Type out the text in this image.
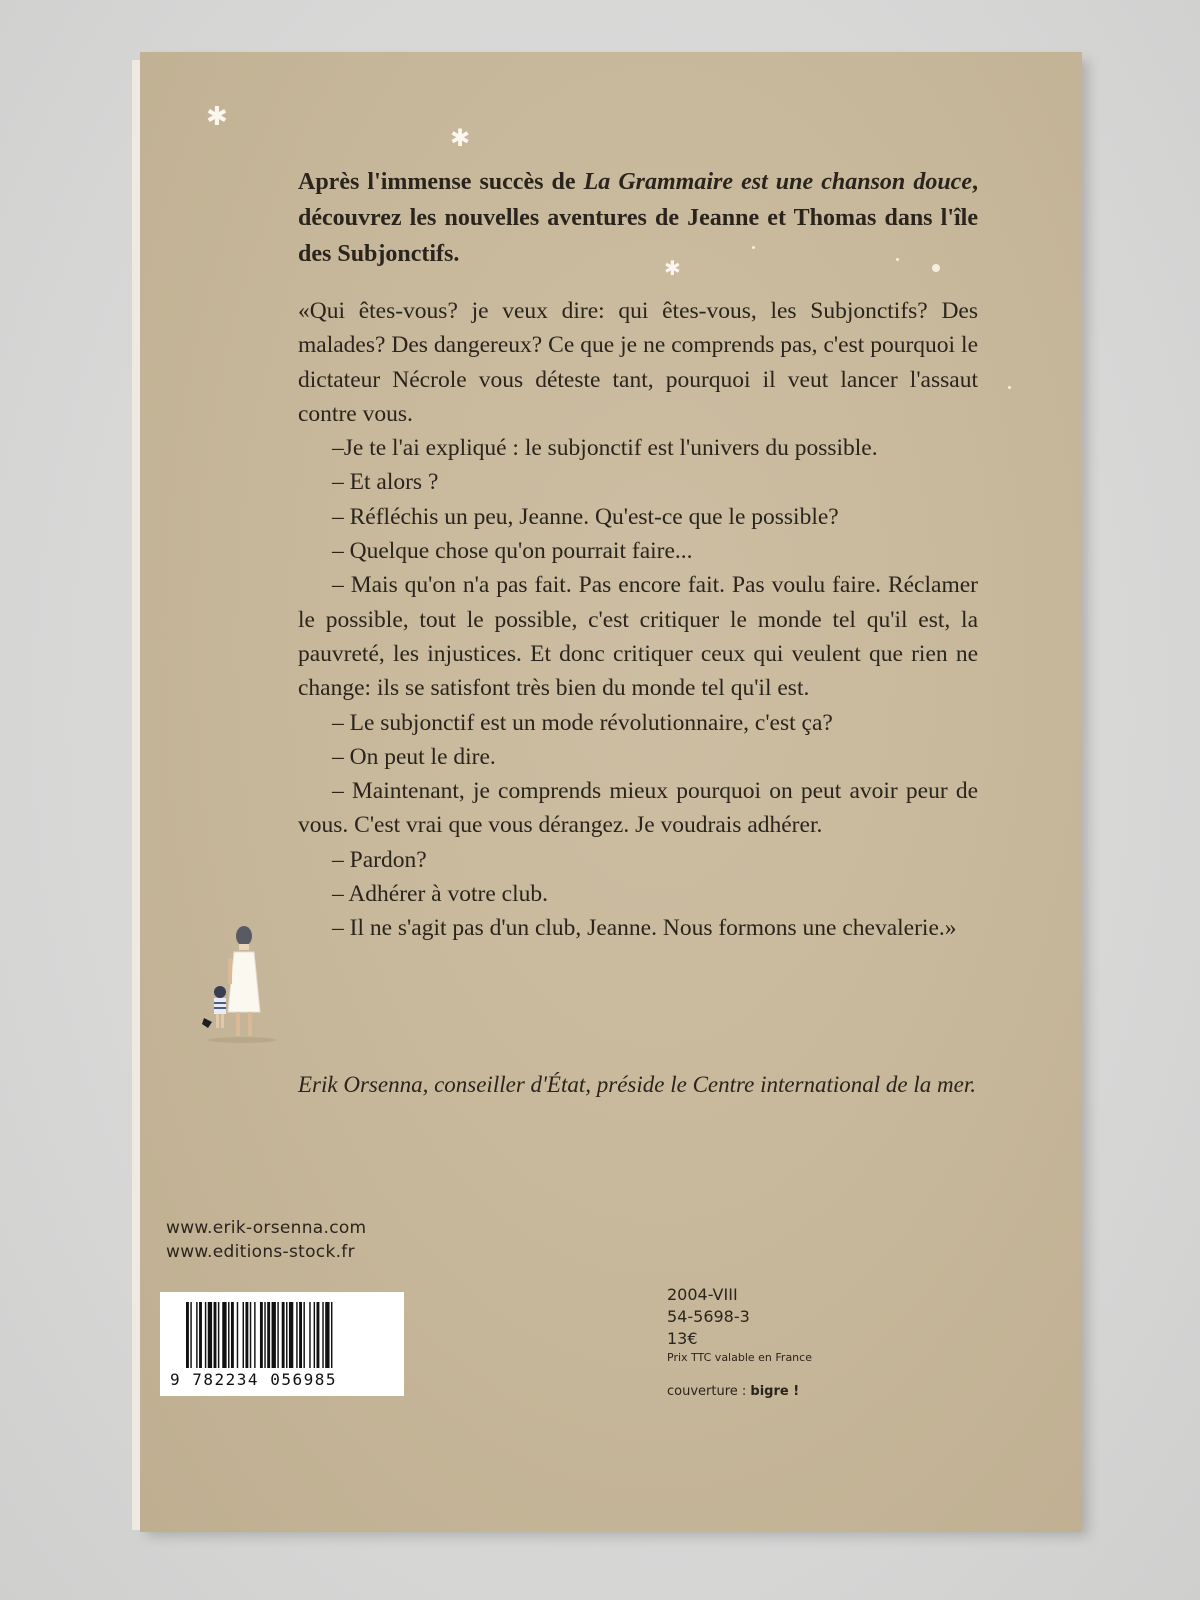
✱
✱
✱
Après l'immense succès de La Grammaire est une chanson douce, découvrez les nouvelles aventures de Jeanne et Thomas dans l'île des Subjonctifs.

«Qui êtes-vous? je veux dire: qui êtes-vous, les Subjonctifs? Des malades? Des dangereux? Ce que je ne comprends pas, c'est pourquoi le dictateur Nécrole vous déteste tant, pourquoi il veut lancer l'assaut contre vous.

–Je te l'ai expliqué : le subjonctif est l'univers du possible.

– Et alors ?

– Réfléchis un peu, Jeanne. Qu'est-ce que le possible?

– Quelque chose qu'on pourrait faire...

– Mais qu'on n'a pas fait. Pas encore fait. Pas voulu faire. Réclamer le possible, tout le possible, c'est critiquer le monde tel qu'il est, la pauvreté, les injustices. Et donc critiquer ceux qui veulent que rien ne change: ils se satisfont très bien du monde tel qu'il est.

– Le subjonctif est un mode révolutionnaire, c'est ça?

– On peut le dire.

– Maintenant, je comprends mieux pourquoi on peut avoir peur de vous. C'est vrai que vous dérangez. Je voudrais adhérer.

– Pardon?

– Adhérer à votre club.

– Il ne s'agit pas d'un club, Jeanne. Nous formons une chevalerie.»

Erik Orsenna, conseiller d'État, préside le Centre international de la mer.
www.erik-orsenna.com
www.editions-stock.fr
9 782234 056985
2004-VIII
54-5698-3
13€
Prix TTC valable en France
couverture : bigre !
